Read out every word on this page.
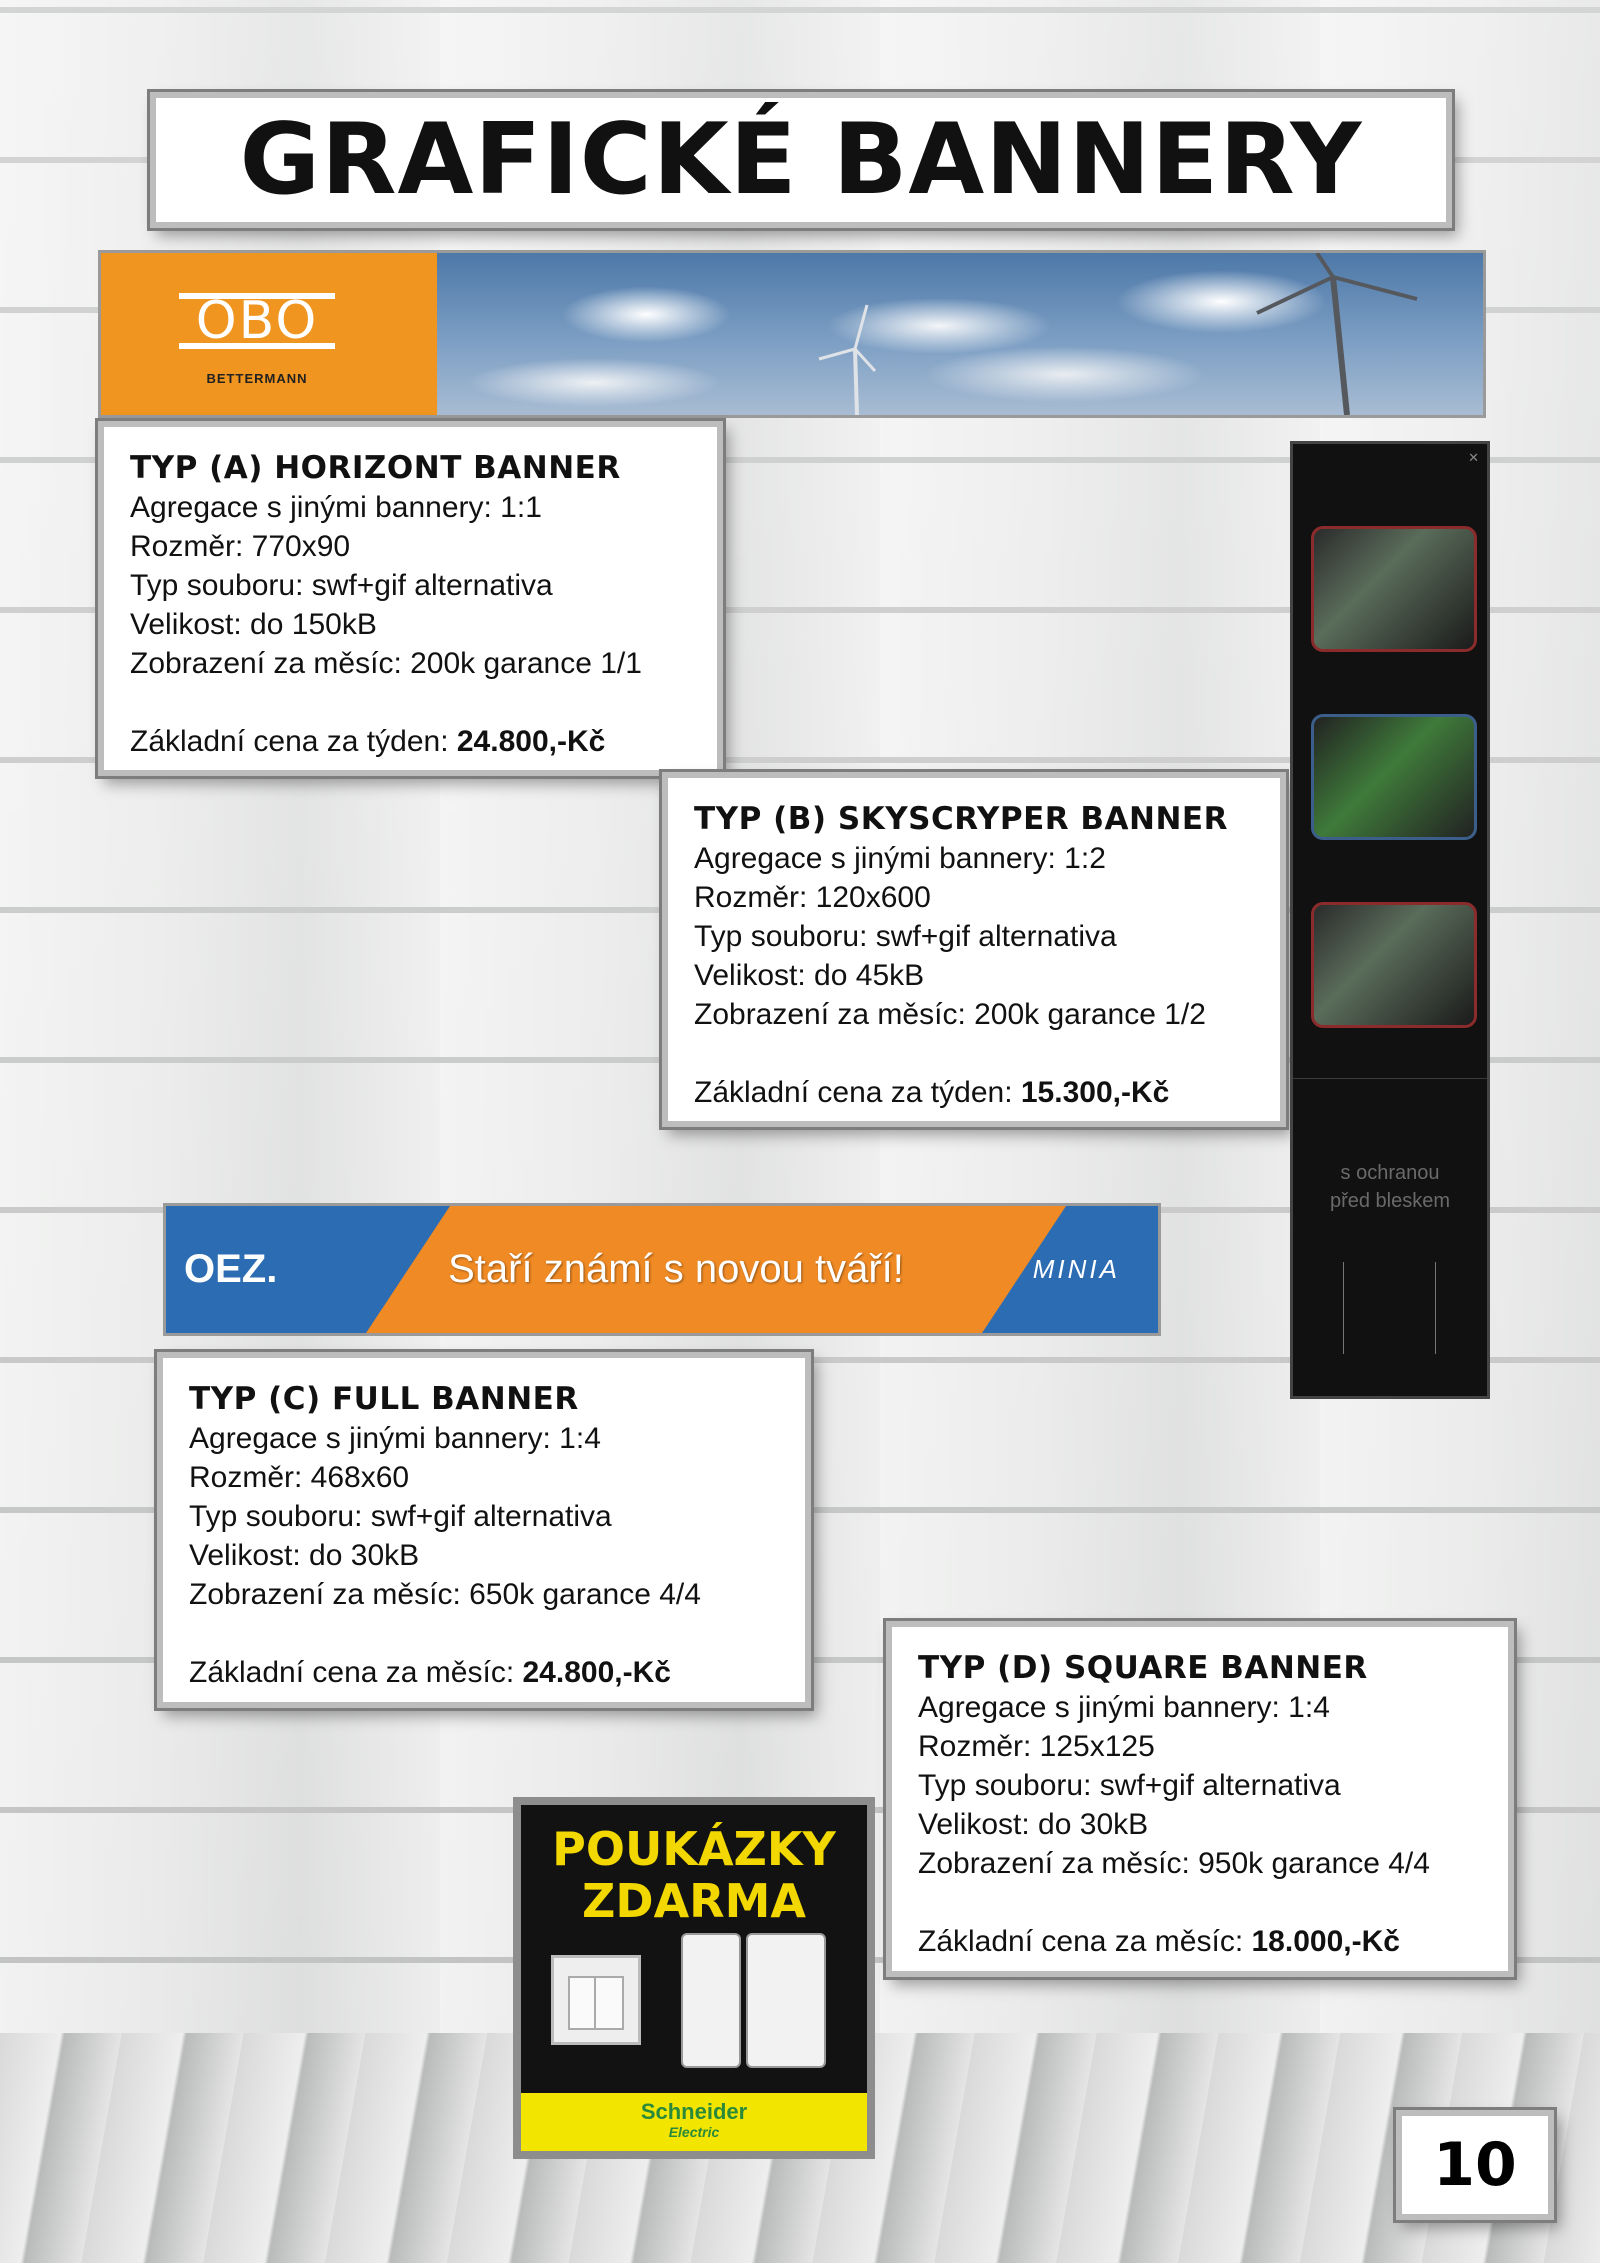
GRAFICKÉ BANNERY
OBO
BETTERMANN
TYP (A) HORIZONT BANNER
Agregace s jinými bannery: 1:1
Rozměr: 770x90
Typ souboru: swf+gif alternativa
Velikost: do 150kB
Zobrazení za měsíc: 200k garance 1/1
Základní cena za týden: 24.800,-Kč
TYP (B) SKYSCRYPER BANNER
Agregace s jinými bannery: 1:2
Rozměr: 120x600
Typ souboru: swf+gif alternativa
Velikost: do 45kB
Zobrazení za měsíc: 200k garance 1/2
Základní cena za týden: 15.300,-Kč
✕
s ochranou
před bleskem
OEZ.	Staří známí s novou tváří!	MINIA
TYP (C) FULL BANNER
Agregace s jinými bannery: 1:4
Rozměr: 468x60
Typ souboru: swf+gif alternativa
Velikost: do 30kB
Zobrazení za měsíc: 650k garance 4/4
Základní cena za měsíc: 24.800,-Kč	TYP (D) SQUARE BANNER
Agregace s jinými bannery: 1:4
Rozměr: 125x125
Typ souboru: swf+gif alternativa
Velikost: do 30kB
Zobrazení za měsíc: 950k garance 4/4
Základní cena za měsíc: 18.000,-Kč
POUKÁZKY
ZDARMA
Schneider
Electric	10
